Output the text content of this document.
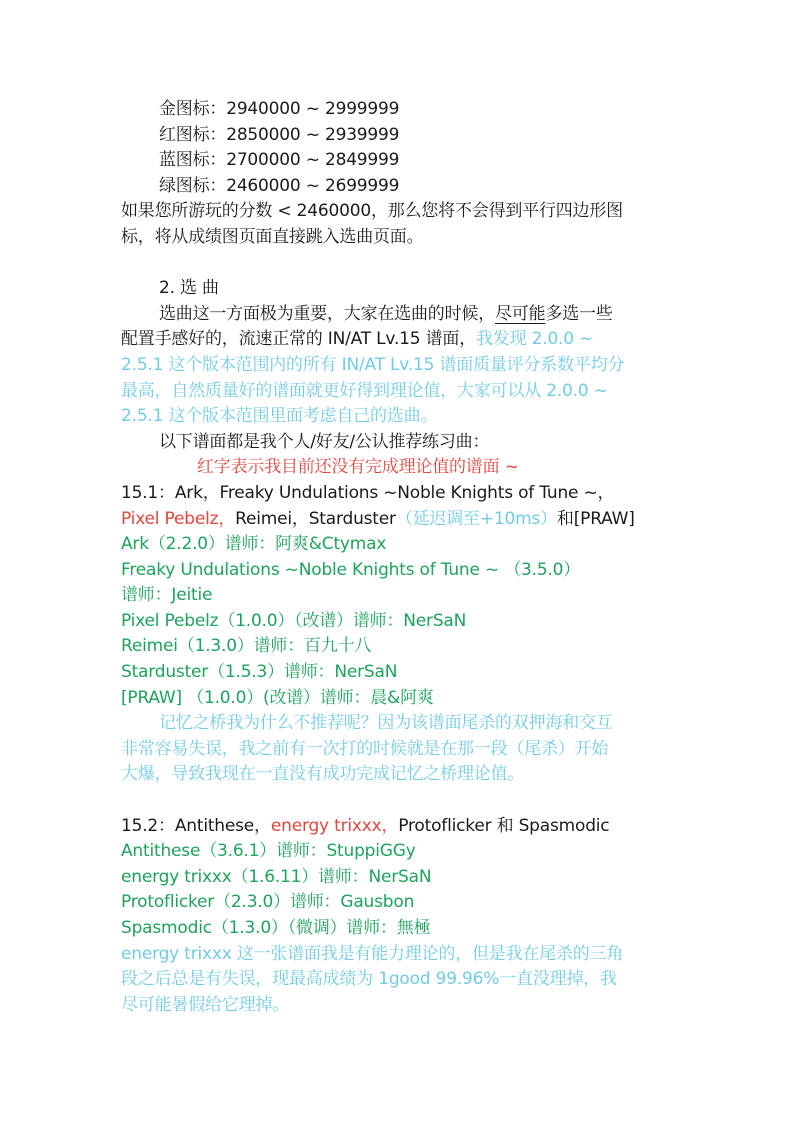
金图标：2940000 ~ 2999999
红图标：2850000 ~ 2939999
蓝图标：2700000 ~ 2849999
绿图标：2460000 ~ 2699999
如果您所游玩的分数 < 2460000，那么您将不会得到平行四边形图
标，将从成绩图页面直接跳入选曲页面。
2. 选 曲
选曲这一方面极为重要，大家在选曲的时候，尽可能多选一些
配置手感好的，流速正常的 IN/AT Lv.15 谱面，我发现 2.0.0 ~
2.5.1 这个版本范围内的所有 IN/AT Lv.15 谱面质量评分系数平均分
最高，自然质量好的谱面就更好得到理论值，大家可以从 2.0.0 ~
2.5.1 这个版本范围里面考虑自己的选曲。
以下谱面都是我个人/好友/公认推荐练习曲：
红字表示我目前还没有完成理论值的谱面 ~
15.1：Ark，Freaky Undulations ~Noble Knights of Tune ~，
Pixel Pebelz，Reimei，Starduster（延迟调至+10ms）和[PRAW]
Ark（2.2.0）谱师：阿爽&Ctymax
Freaky Undulations ~Noble Knights of Tune ~ （3.5.0）
谱师：Jeitie
Pixel Pebelz（1.0.0）（改谱）谱师：NerSaN
Reimei（1.3.0）谱师：百九十八
Starduster（1.5.3）谱师：NerSaN
[PRAW] （1.0.0）(改谱）谱师：晨&阿爽
记忆之桥我为什么不推荐呢？因为该谱面尾杀的双押海和交互
非常容易失误，我之前有一次打的时候就是在那一段（尾杀）开始
大爆，导致我现在一直没有成功完成记忆之桥理论值。
15.2：Antithese，energy trixxx，Protoflicker 和 Spasmodic
Antithese（3.6.1）谱师：StuppiGGy
energy trixxx（1.6.11）谱师：NerSaN
Protoflicker（2.3.0）谱师：Gausbon
Spasmodic（1.3.0）（微调）谱师：無極
energy trixxx 这一张谱面我是有能力理论的，但是我在尾杀的三角
段之后总是有失误，现最高成绩为 1good 99.96%一直没理掉，我
尽可能暑假给它理掉。
